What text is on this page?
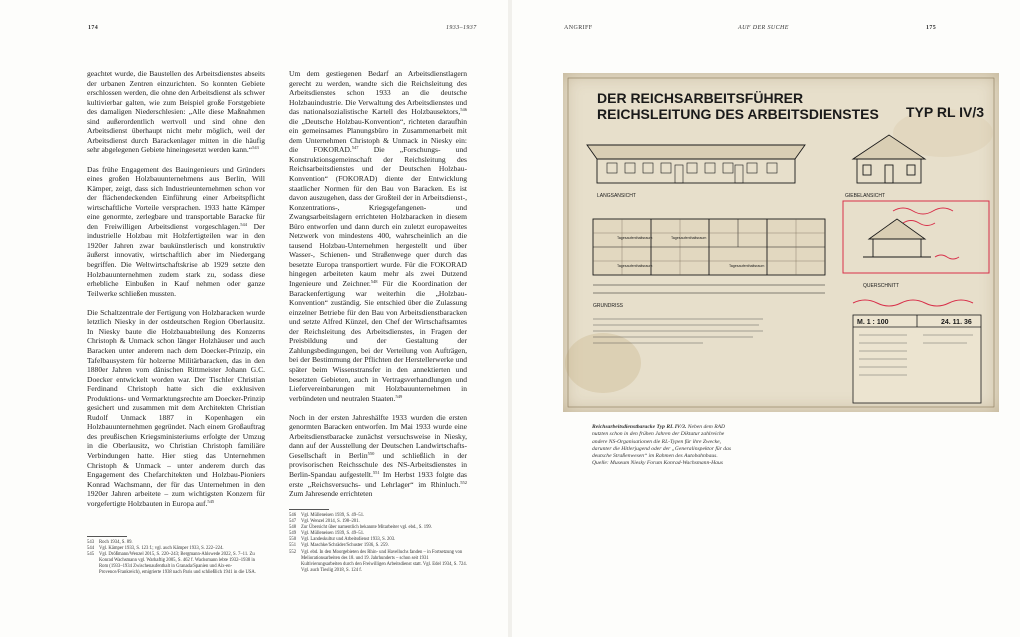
174	1933–1937	ANGRIFF	AUF DER SUCHE	175

geachtet wurde, die Baustellen des Arbeitsdienstes abseits der urbanen Zentren einzurichten. So konnten Gebiete erschlossen werden, die ohne den Arbeitsdienst als schwer kultivierbar galten, wie zum Beispiel große Forstgebiete des damaligen Niederschlesien: „Alle diese Maßnahmen sind außerordentlich wertvoll und sind ohne den Arbeitsdienst überhaupt nicht mehr möglich, weil der Arbeitsdienst durch Barackenlager mitten in die häufig sehr abgelegenen Gebiete hineingesetzt werden kann.“$^{543}$

Das frühe Engagement des Bauingenieurs und Gründers eines großen Holzbauunternehmens aus Berlin, Will Kämper, zeigt, dass sich Industrieunternehmen schon vor der flächendeckenden Einführung einer Arbeitspflicht wirtschaftliche Vorteile versprachen. 1933 hatte Kämper eine genormte, zerlegbare und transportable Baracke für den Freiwilligen Arbeitsdienst vorgeschlagen.$^{544}$ Der industrielle Holzbau mit Holzfertigteilen war in den 1920er Jahren zwar baukünstlerisch und konstruktiv äußerst innovativ, wirtschaftlich aber im Niedergang begriffen. Die Weltwirtschaftskrise ab 1929 setzte den Holzbauunternehmen zudem stark zu, sodass diese erhebliche Einbußen in Kauf nehmen oder ganze Teilwerke schließen mussten.

Die Schaltzentrale der Fertigung von Holzbaracken wurde letztlich Niesky in der ostdeutschen Region Oberlausitz. In Niesky baute die Holzbauabteilung des Konzerns Christoph & Unmack schon länger Holzhäuser und auch Baracken unter anderem nach dem Doecker-Prinzip, ein Tafelbausystem für holzerne Militärbaracken, das in den 1880er Jahren vom dänischen Rittmeister Johann G.C. Doecker entwickelt worden war. Der Tischler Christian Ferdinand Christoph hatte sich die exklusiven Produktions- und Vermarktungsrechte am Doecker-Prinzip gesichert und zusammen mit dem Architekten Christian Rudolf Unmack 1887 in Kopenhagen ein Holzbauunternehmen gegründet. Nach einem Großauftrag des preußischen Kriegsministeriums erfolgte der Umzug in die Oberlausitz, wo Christian Christoph familiäre Verbindungen hatte. Hier stieg das Unternehmen Christoph & Unmack – unter anderem durch das Engagement des Chefarchitekten und Holzbau-Pioniers Konrad Wachsmann, der für das Unternehmen in den 1920er Jahren arbeitete – zum wichtigsten Konzern für vorgefertigte Holzbauten in Europa auf.$^{545}$

Um dem gestiegenen Bedarf an Arbeitsdienstlagern gerecht zu werden, wandte sich die Reichsleitung des Arbeitsdienstes schon 1933 an die deutsche Holzbauindustrie. Die Verwaltung des Arbeitsdienstes und das nationalsozialistische Kartell des Holzbausektors,$^{546}$ die „Deutsche Holzbau-Konvention“, richteten daraufhin ein gemeinsames Planungsbüro in Zusammenarbeit mit dem Unternehmen Christoph & Unmack in Niesky ein: die FOKORAD.$^{547}$ Die „Forschungs- und Konstruktionsgemeinschaft der Reichsleitung des Reichsarbeitsdienstes und der Deutschen Holzbau-Konvention“ (FOKORAD) diente der Entwicklung staatlicher Normen für den Bau von Baracken. Es ist davon auszugehen, dass der Großteil der in Arbeitsdienst-, Konzentrations-, Kriegsgefangenen- und Zwangsarbeitslagern errichteten Holzbaracken in diesem Büro entworfen und dann durch ein zuletzt europaweites Netzwerk von mindestens 400, wahrscheinlich an die tausend Holzbau-Unternehmen hergestellt und über Wasser-, Schienen- und Straßenwege quer durch das besetzte Europa transportiert wurde. Für die FOKORAD hingegen arbeiteten kaum mehr als zwei Dutzend Ingenieure und Zeichner.$^{548}$ Für die Koordination der Barackenfertigung war weiterhin die „Holzbau-Konvention“ zuständig. Sie entschied über die Zulassung einzelner Betriebe für den Bau von Arbeitsdienstbaracken und setzte Alfred Künzel, den Chef der Wirtschaftsamtes der Reichsleitung des Arbeitsdienstes, in Fragen der Preisbildung und der Gestaltung der Zahlungsbedingungen, bei der Verteilung von Aufträgen, bei der Bestimmung der Pflichten der Herstellerwerke und später beim Wissenstransfer in den annektierten und besetzten Gebieten, auch in Vertragsverhandlungen und Liefervereinbarungen mit Holzbauunternehmen in verbündeten und neutralen Staaten.$^{549}$

Noch in der ersten Jahreshälfte 1933 wurden die ersten genormten Baracken entworfen. Im Mai 1933 wurde eine Arbeitsdienstbaracke zunächst versuchsweise in Niesky, dann auf der Ausstellung der Deutschen Landwirtschafts-Gesellschaft in Berlin$^{550}$ und schließlich in der provisorischen Reichsschule des NS-Arbeitsdienstes in Berlin-Spandau aufgestellt.$^{551}$ Im Herbst 1933 folgte das erste „Reichsversuchs- und Lehrlager“ im Rhinluch.$^{552}$ Zum Jahresende errichteten

543	Roch 1934, S. 89.
544	Vgl. Kämper 1933, S. 123 f.; vgl. auch Kämper 1933, S. 222–224.
545	Vgl. Drößmann/Wenzel 2015, S. 220–243; Bergmann-Ahlswede 2022, S. 7–11. Zu Konrad Wachsmann vgl. Warhaftig 2005, S. 462 f. Wachsmann lebte 1932–1938 in Rom (1933–1934 Zwischenaufenthalt in Granada/Spanien und Aix-en-Provence/Frankreich), emigrierte 1938 nach Paris und schließlich 1941 in die USA.
546	Vgl. Mülleneisen 1939, S. 49–51.
547	Vgl. Wenzel 2014, S. 198–201.
548	Zur Übersicht über namentlich bekannte Mitarbeiter vgl. ebd., S. 199.
549	Vgl. Mülleneisen 1939, S. 49–51.
550	Vgl. Landeskultur und Arbeitsdienst 1933, S. 203.
551	Vgl. Maschke/Schräder/Schuster 1936, S. 259.
552	Vgl. ebd. In den Moorgebieten des Rhin- und Havelluchs fanden – in Fortsetzung von Meliorationsarbeiten des 18. und 19. Jahrhunderts – schon seit 1931 Kultivierungsarbeiten durch den Freiwilligen Arbeitsdienst statt. Vgl. Edel 1934, S. 724. Vgl. auch Tieslig 2018, S. 124 f.
DER REICHSARBEITSFÜHRER
REICHSLEITUNG DES ARBEITSDIENSTES TYP RL IV/3
LANGSANSICHT	GIEBELANSICHT
QUERSCHNITT
Tagesaufenthaltsraum	Tagesaufenthaltsraum
Tagesaufenthaltsraum	Tagesaufenthaltsraum
GRUNDRISS
M. 1 : 100	24. 11. 36
Reichsarbeitsdienstbaracke Typ RL IV/3. Neben dem RAD nutzten schon in den frühen Jahren der Diktatur zahlreiche andere NS-Organisationen die RL-Typen für ihre Zwecke, darunter die Hitlerjugend oder der „Generalinspektor für das deutsche Straßenwesen“ im Rahmen des Autobahnbaus. Quelle: Museum Niesky Forum Konrad-Wachsmann-Haus
